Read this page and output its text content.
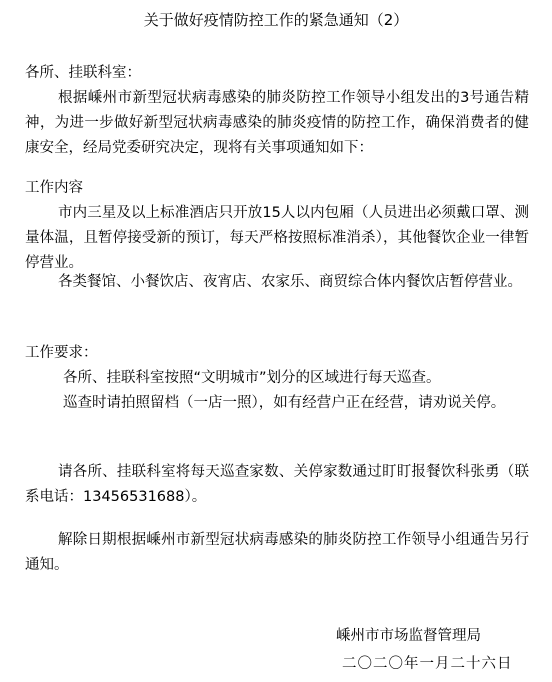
关于做好疫情防控工作的紧急通知（2）

各所、挂联科室：

根据嵊州市新型冠状病毒感染的肺炎防控工作领导小组发出的3号通告精神，为进一步做好新型冠状病毒感染的肺炎疫情的防控工作，确保消费者的健康安全，经局党委研究决定，现将有关事项通知如下：

工作内容

市内三星及以上标准酒店只开放15人以内包厢（人员进出必须戴口罩、测量体温，且暂停接受新的预订，每天严格按照标准消杀），其他餐饮企业一律暂停营业。

各类餐馆、小餐饮店、夜宵店、农家乐、商贸综合体内餐饮店暂停营业。

工作要求：

各所、挂联科室按照“文明城市”划分的区域进行每天巡查。

巡查时请拍照留档（一店一照），如有经营户正在经营，请劝说关停。

请各所、挂联科室将每天巡查家数、关停家数通过盯盯报餐饮科张勇（联系电话：13456531688）。

解除日期根据嵊州市新型冠状病毒感染的肺炎防控工作领导小组通告另行通知。

嵊州市市场监督管理局
二〇二〇年一月二十六日
